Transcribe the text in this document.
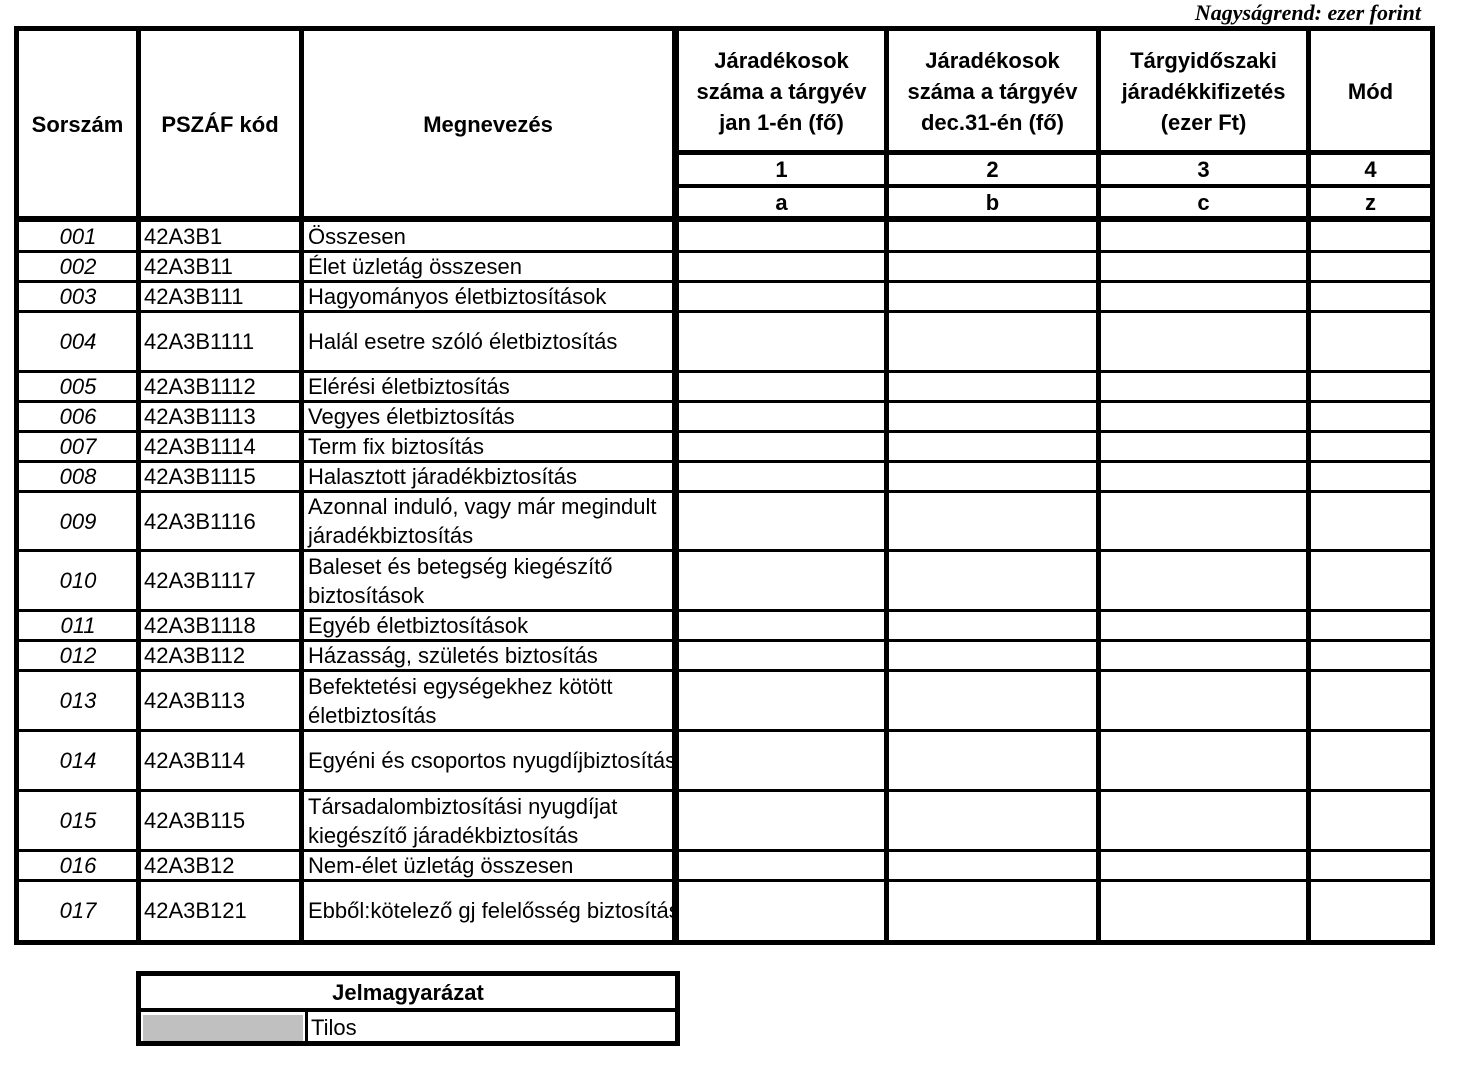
Nagyságrend: ezer forint
Sorszám	PSZÁF kód	Megnevezés
Járadékosok száma a tárgyév jan 1-én (fő)
Járadékosok száma a tárgyév dec.31-én (fő)
Tárgyidőszaki járadékkifizetés (ezer Ft)
Mód
1	2	3	4
a	b	c	z
001	42A3B1	Összesen
002	42A3B11	Élet üzletág összesen
003	42A3B111	Hagyományos életbiztosítások
004	42A3B1111	Halál esetre szóló életbiztosítás
005	42A3B1112	Elérési életbiztosítás
006	42A3B1113	Vegyes életbiztosítás
007	42A3B1114	Term fix biztosítás
008	42A3B1115	Halasztott járadékbiztosítás
009	42A3B1116
Azonnal induló, vagy már megindult járadékbiztosítás
010	42A3B1117
Baleset és betegség kiegészítő biztosítások
011	42A3B1118	Egyéb életbiztosítások
012	42A3B112	Házasság, születés biztosítás
013	42A3B113
Befektetési egységekhez kötött életbiztosítás
014	42A3B114	Egyéni és csoportos nyugdíjbiztosítás
015	42A3B115
Társadalombiztosítási nyugdíjat kiegészítő járadékbiztosítás
016	42A3B12	Nem-élet üzletág összesen
017	42A3B121	Ebből:kötelező gj felelősség biztosítás
Jelmagyarázat
Tilos
